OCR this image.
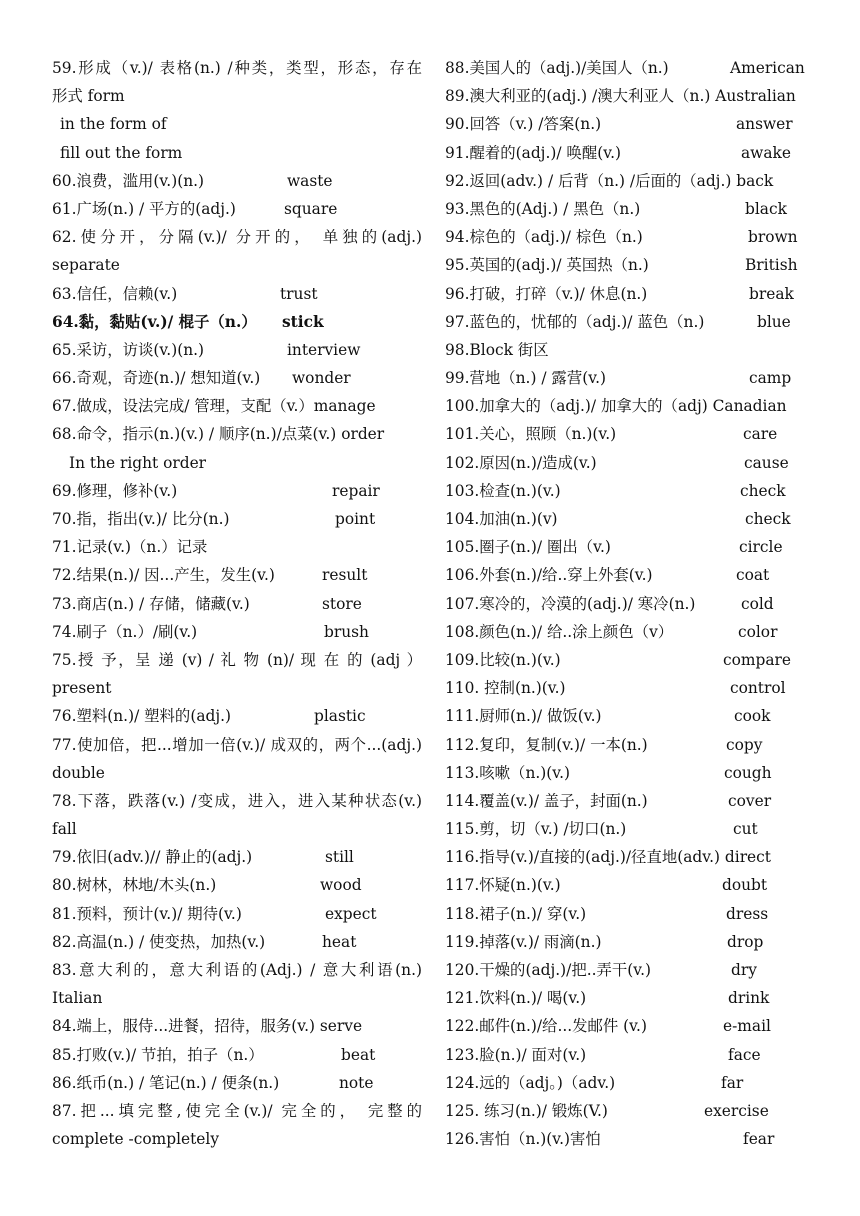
59.形成（v.)/ 表格(n.) /种类，类型，形态，存在
形式 form
in the form of
fill out the form
60.浪费，滥用(v.)(n.)	waste
61.广场(n.) / 平方的(adj.)	square
62.使分开，分隔(v.)/ 分开的， 单独的(adj.)
separate
63.信任，信赖(v.)	trust
64.黏，黏贴(v.)/ 棍子（n.） stick
65.采访，访谈(v.)(n.)	interview
66.奇观，奇迹(n.)/ 想知道(v.) wonder
67.做成，设法完成/ 管理，支配（v.）manage
68.命令，指示(n.)(v.) / 顺序(n.)/点菜(v.) order
In the right order
69.修理，修补(v.)	repair
70.指，指出(v.)/ 比分(n.)	point
71.记录(v.)（n.）记录
72.结果(n.)/ 因...产生，发生(v.)	result
73.商店(n.) / 存储，储藏(v.)	store
74.刷子（n.）/刷(v.)	brush
75.授 予，呈 递 (v) / 礼 物 (n)/ 现 在 的 (adj ）
present
76.塑料(n.)/ 塑料的(adj.)	plastic
77.使加倍，把...增加一倍(v.)/ 成双的，两个...(adj.)
double
78.下落，跌落(v.) /变成，进入，进入某种状态(v.)
fall
79.依旧(adv.)// 静止的(adj.)	still
80.树林，林地/木头(n.)	wood
81.预料，预计(v.)/ 期待(v.)	expect
82.高温(n.) / 使变热，加热(v.)	heat
83.意大利的，意大利语的(Adj.) / 意大利语(n.)
Italian
84.端上，服侍...进餐，招待，服务(v.) serve
85.打败(v.)/ 节拍，拍子（n.）	beat
86.纸币(n.) / 笔记(n.) / 便条(n.)	note
87.把...填完整,使完全(v.)/ 完全的， 完整的
complete -completely
88.美国人的（adj.)/美国人（n.)	American
89.澳大利亚的(adj.) /澳大利亚人（n.) Australian
90.回答（v.) /答案(n.)	answer
91.醒着的(adj.)/ 唤醒(v.)	awake
92.返回(adv.) / 后背（n.) /后面的（adj.) back
93.黑色的(Adj.) / 黑色（n.)	black
94.棕色的（adj.)/ 棕色（n.)	brown
95.英国的(adj.)/ 英国热（n.)	British
96.打破，打碎（v.)/ 休息(n.)	break
97.蓝色的，忧郁的（adj.)/ 蓝色（n.)	blue
98.Block 街区
99.营地（n.) / 露营(v.)	camp
100.加拿大的（adj.)/ 加拿大的（adj) Canadian
101.关心，照顾（n.)(v.)	care
102.原因(n.)/造成(v.)	cause
103.检查(n.)(v.)	check
104.加油(n.)(v)	check
105.圈子(n.)/ 圈出（v.)	circle
106.外套(n.)/给..穿上外套(v.)	coat
107.寒冷的，冷漠的(adj.)/ 寒冷(n.)	cold
108.颜色(n.)/ 给..涂上颜色（v）	color
109.比较(n.)(v.)	compare
110. 控制(n.)(v.)	control
111.厨师(n.)/ 做饭(v.)	cook
112.复印，复制(v.)/ 一本(n.)	copy
113.咳嗽（n.)(v.)	cough
114.覆盖(v.)/ 盖子，封面(n.)	cover
115.剪，切（v.) /切口(n.)	cut
116.指导(v.)/直接的(adj.)/径直地(adv.) direct
117.怀疑(n.)(v.)	doubt
118.裙子(n.)/ 穿(v.)	dress
119.掉落(v.)/ 雨滴(n.)	drop
120.干燥的(adj.)/把..弄干(v.)	dry
121.饮料(n.)/ 喝(v.)	drink
122.邮件(n.)/给...发邮件 (v.)	e-mail
123.脸(n.)/ 面对(v.)	face
124.远的（adj。)（adv.)	far
125. 练习(n.)/ 锻炼(V.)	exercise
126.害怕（n.)(v.)害怕	fear
